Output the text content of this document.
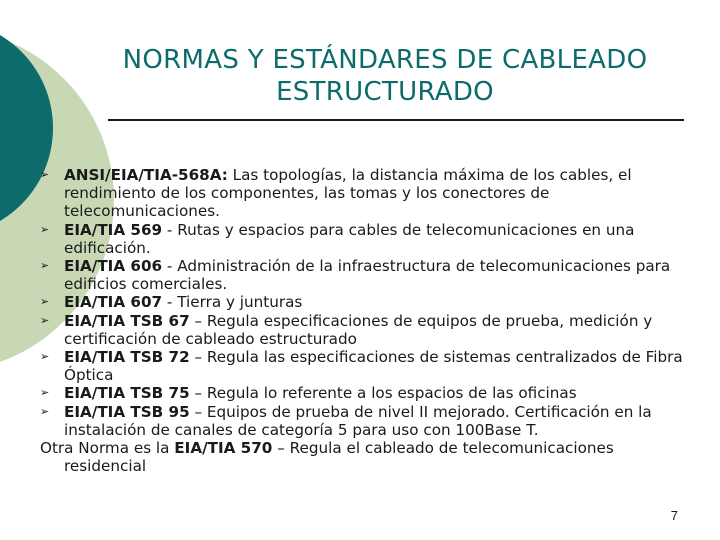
NORMAS Y ESTÁNDARES DE CABLEADO
ESTRUCTURADO
➢ ANSI/EIA/TIA-568A: Las topologías, la distancia máxima de los cables, el rendimiento de los componentes, las tomas y los conectores de telecomunicaciones.
➢ EIA/TIA 569 - Rutas y espacios para cables de telecomunicaciones en una edificación.
➢ EIA/TIA 606 - Administración de la infraestructura de telecomunicaciones para edificios comerciales.
➢ EIA/TIA 607 - Tierra y junturas
➢ EIA/TIA TSB 67 – Regula especificaciones de equipos de prueba, medición y certificación de cableado estructurado
➢ EIA/TIA TSB 72 – Regula las especificaciones de sistemas centralizados de Fibra Óptica
➢ EIA/TIA TSB 75 – Regula lo referente a los espacios de las oficinas
➢ EIA/TIA TSB 95 – Equipos de prueba de nivel II mejorado. Certificación en la instalación de canales de categoría 5 para uso con 100Base T.
Otra Norma es la EIA/TIA 570 – Regula el cableado de telecomunicaciones residencial
7
